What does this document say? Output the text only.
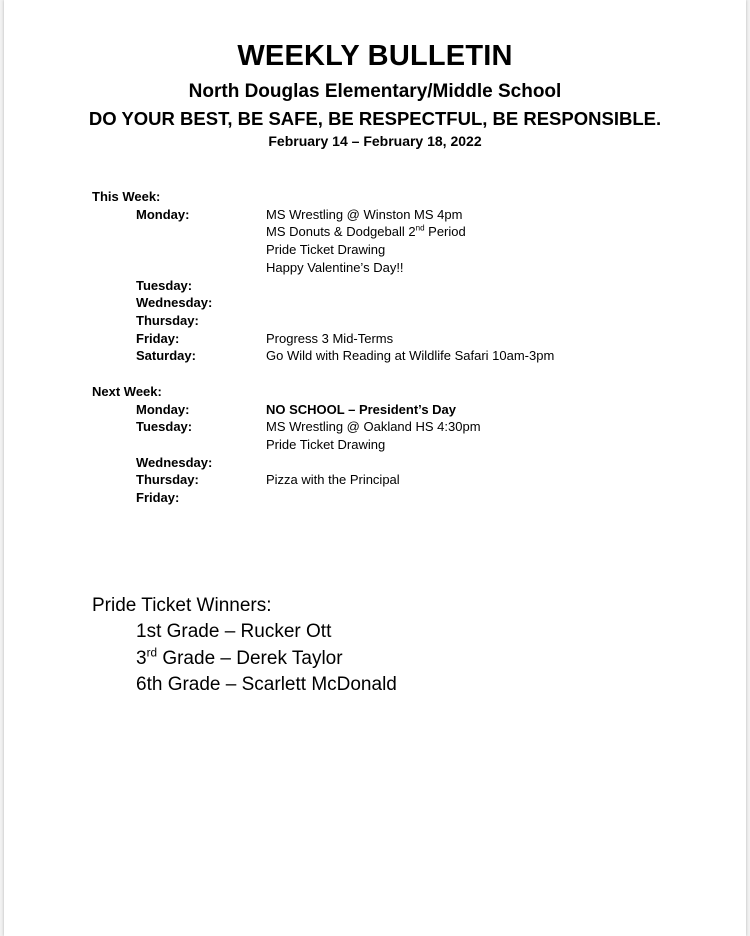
WEEKLY BULLETIN
North Douglas Elementary/Middle School
DO YOUR BEST, BE SAFE, BE RESPECTFUL, BE RESPONSIBLE.
February 14 – February 18, 2022
This Week:
Monday:	MS Wrestling @ Winston MS 4pm
MS Donuts & Dodgeball 2nd Period
Pride Ticket Drawing
Happy Valentine’s Day!!
Tuesday:
Wednesday:
Thursday:
Friday:	Progress 3 Mid-Terms
Saturday:	Go Wild with Reading at Wildlife Safari 10am-3pm
Next Week:
Monday:	NO SCHOOL – President’s Day
Tuesday:	MS Wrestling @ Oakland HS 4:30pm
Pride Ticket Drawing
Wednesday:
Thursday:	Pizza with the Principal
Friday:
Pride Ticket Winners:
1st Grade – Rucker Ott
3rd Grade – Derek Taylor
6th Grade – Scarlett McDonald
